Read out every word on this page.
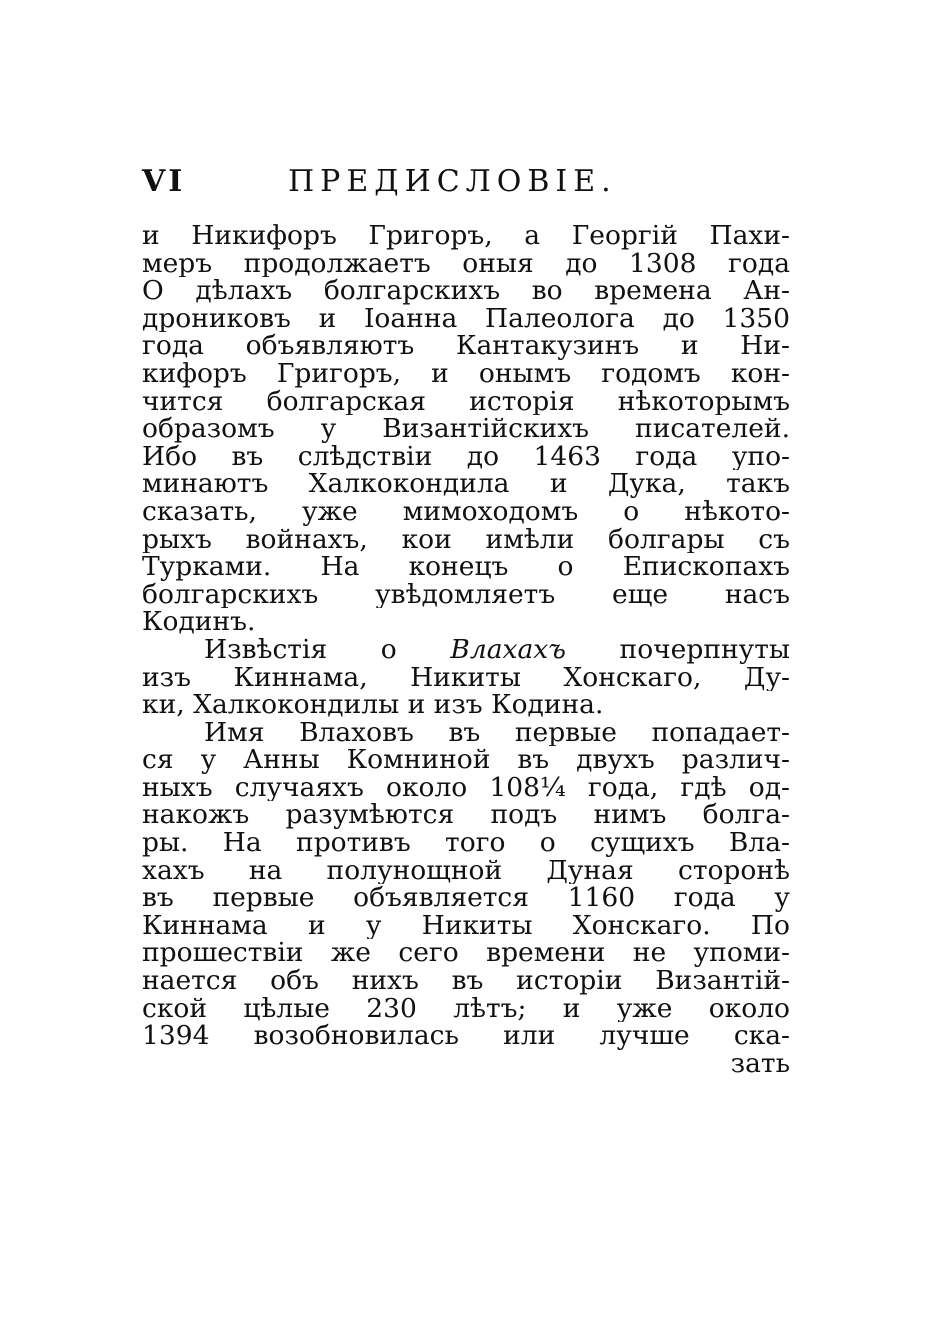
VI	ПРЕДИСЛОВІЕ.
и Никифоръ Григоръ, а Георгій Пахи-
меръ продолжаетъ оныя до 1308 года
О дѣлахъ болгарскихъ во времена Ан-
дрониковъ и Іоанна Палеолога до 1350
года объявляютъ Кантакузинъ и Ни-
кифоръ Григоръ, и онымъ годомъ кон-
чится болгарская исторія нѣкоторымъ
образомъ у Византійскихъ писателей.
Ибо въ слѣдствіи до 1463 года упо-
минаютъ Халкокондила и Дука, такъ
сказать, уже мимоходомъ о нѣкото-
рыхъ войнахъ, кои имѣли болгары съ
Турками. На конецъ о Епископахъ
болгарскихъ увѣдомляетъ еще насъ
Кодинъ.
Извѣстія о Влахахъ почерпнуты
изъ Киннама, Никиты Хонскаго, Ду-
ки, Халкокондилы и изъ Кодина.
Имя Влаховъ въ первые попадает-
ся у Анны Комниной въ двухъ различ-
ныхъ случаяхъ около 108¼ года, гдѣ од-
накожъ разумѣются подъ нимъ болга-
ры. На противъ того о сущихъ Вла-
хахъ на полунощной Дуная сторонѣ
въ первые объявляется 1160 года у
Киннама и у Никиты Хонскаго. По
прошествіи же сего времени не упоми-
нается объ нихъ въ исторіи Византій-
ской цѣлые 230 лѣтъ; и уже около
1394 возобновилась или лучше ска-
зать
